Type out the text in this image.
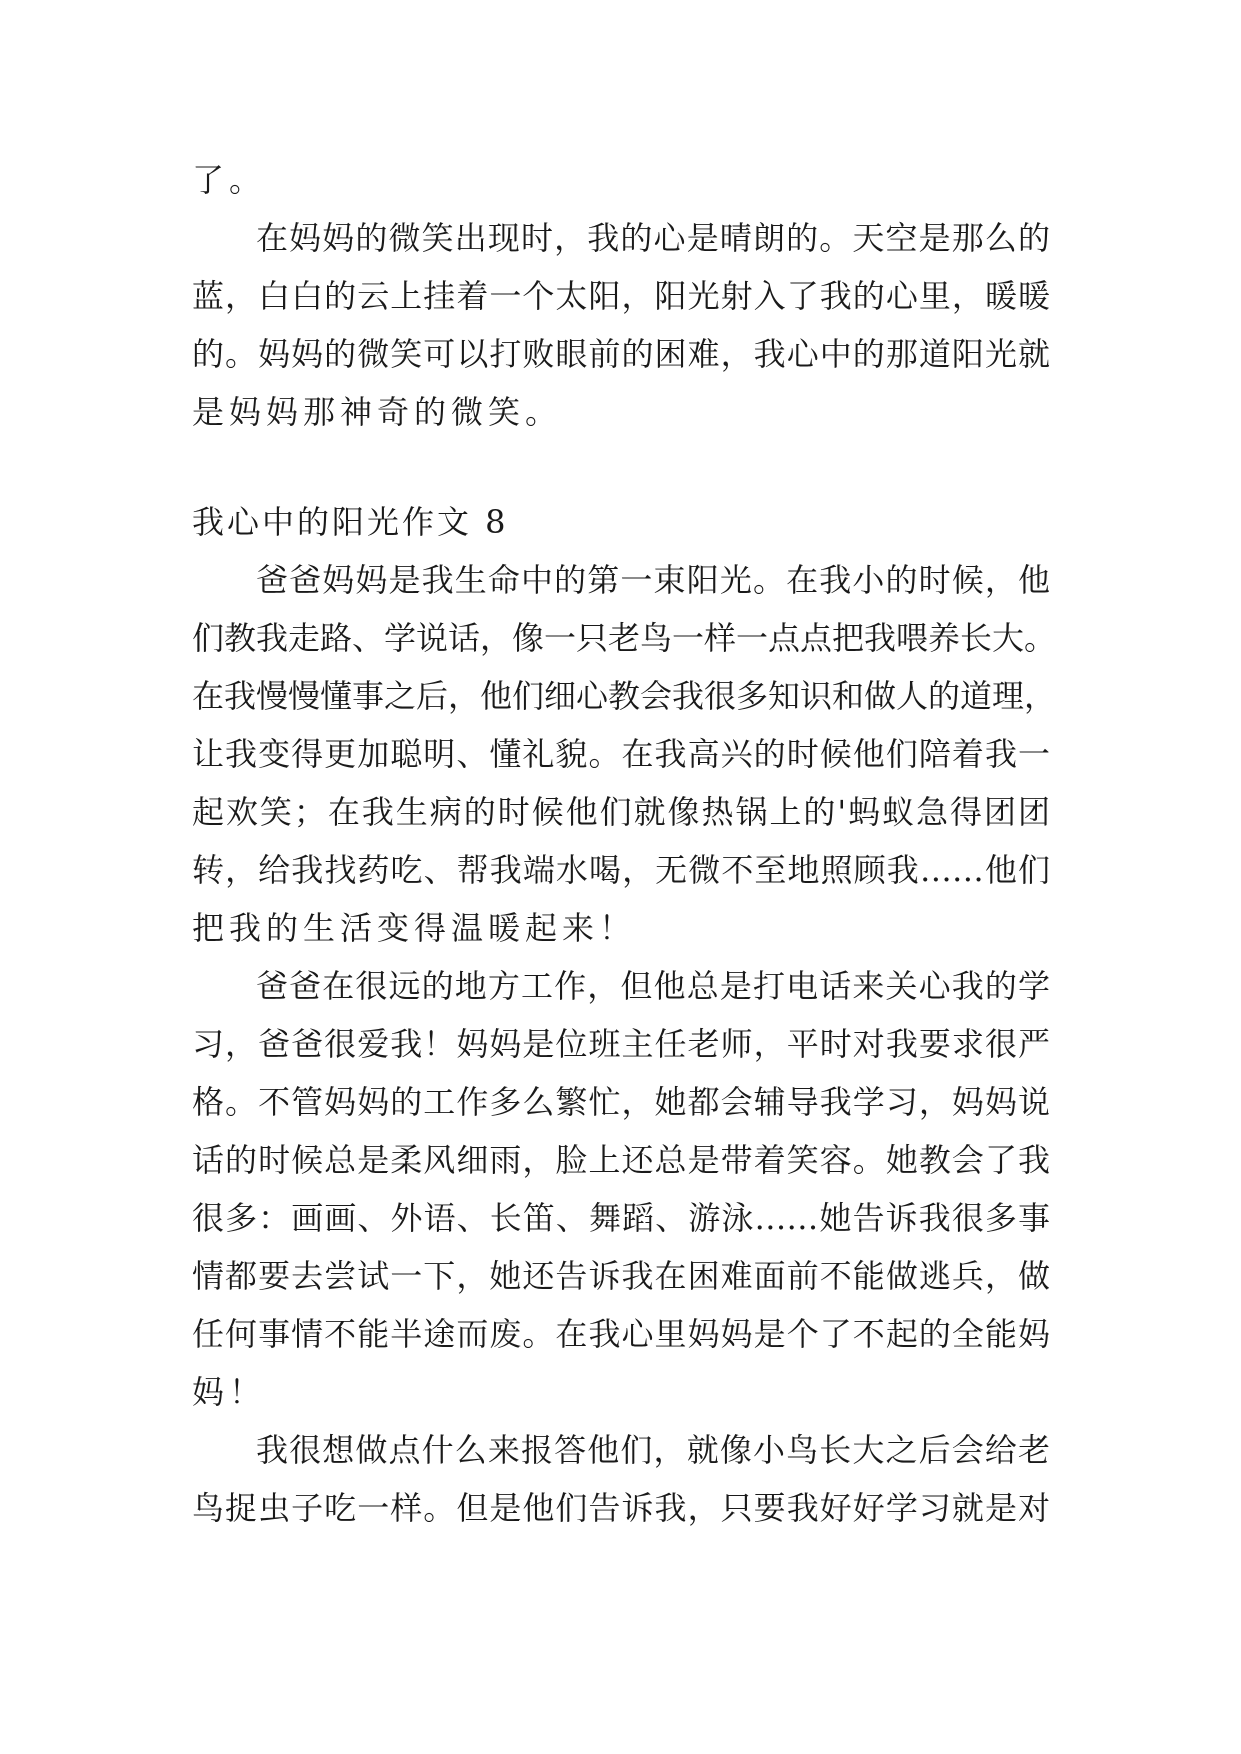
了。
在妈妈的微笑出现时，我的心是晴朗的。天空是那么的
蓝，白白的云上挂着一个太阳，阳光射入了我的心里，暖暖
的。妈妈的微笑可以打败眼前的困难，我心中的那道阳光就
是妈妈那神奇的微笑。
我心中的阳光作文 8
爸爸妈妈是我生命中的第一束阳光。在我小的时候，他
们教我走路、学说话，像一只老鸟一样一点点把我喂养长大。
在我慢慢懂事之后，他们细心教会我很多知识和做人的道理，
让我变得更加聪明、懂礼貌。在我高兴的时候他们陪着我一
起欢笑；在我生病的时候他们就像热锅上的'蚂蚁急得团团
转，给我找药吃、帮我端水喝，无微不至地照顾我……他们
把我的生活变得温暖起来！
爸爸在很远的地方工作，但他总是打电话来关心我的学
习，爸爸很爱我！妈妈是位班主任老师，平时对我要求很严
格。不管妈妈的工作多么繁忙，她都会辅导我学习，妈妈说
话的时候总是柔风细雨，脸上还总是带着笑容。她教会了我
很多：画画、外语、长笛、舞蹈、游泳……她告诉我很多事
情都要去尝试一下，她还告诉我在困难面前不能做逃兵，做
任何事情不能半途而废。在我心里妈妈是个了不起的全能妈
妈！
我很想做点什么来报答他们，就像小鸟长大之后会给老
鸟捉虫子吃一样。但是他们告诉我，只要我好好学习就是对
